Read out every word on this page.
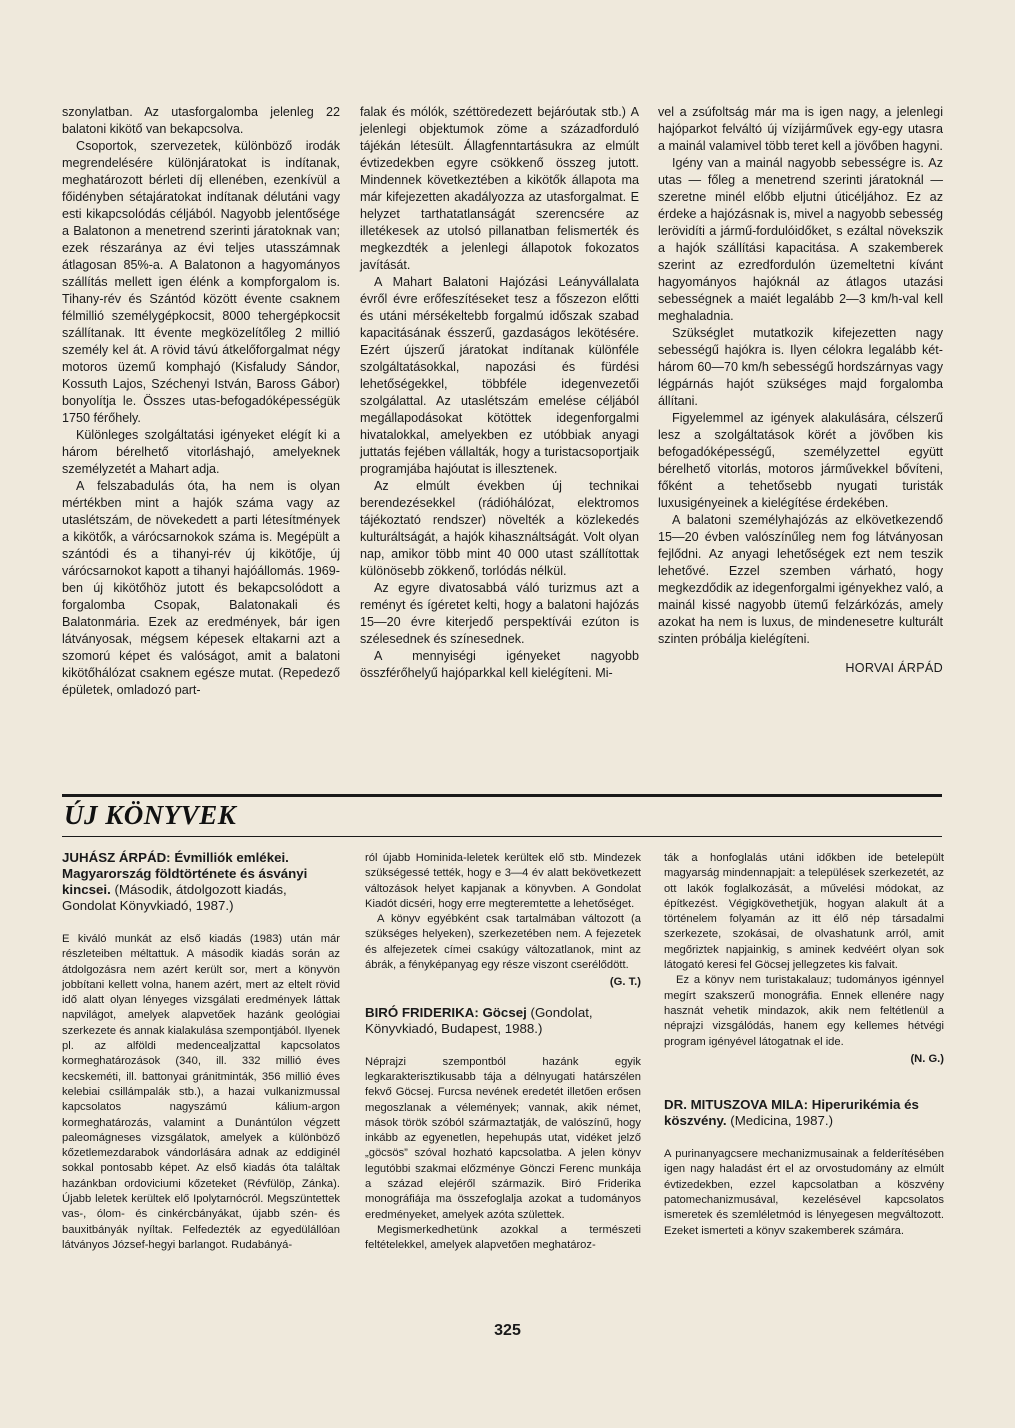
szonylatban. Az utasforgalomba jelenleg 22 balatoni kikötő van bekapcsolva.

Csoportok, szervezetek, különböző irodák megrendelésére különjáratokat is indítanak, meghatározott bérleti díj ellenében, ezenkívül a főidényben sétajáratokat indítanak délutáni vagy esti kikapcsolódás céljából. Nagyobb jelentősége a Balatonon a menetrend szerinti járatoknak van; ezek részaránya az évi teljes utasszámnak átlagosan 85%-a. A Balatonon a hagyományos szállítás mellett igen élénk a kompforgalom is. Tihany-rév és Szántód között évente csaknem félmillió személygépkocsit, 8000 tehergépkocsit szállítanak. Itt évente megközelítőleg 2 millió személy kel át. A rövid távú átkelőforgalmat négy motoros üzemű komphajó (Kisfaludy Sándor, Kossuth Lajos, Széchenyi István, Baross Gábor) bonyolítja le. Összes utas-befogadóképességük 1750 férőhely.

Különleges szolgáltatási igényeket elégít ki a három bérelhető vitorláshajó, amelyeknek személyzetét a Mahart adja.

A felszabadulás óta, ha nem is olyan mértékben mint a hajók száma vagy az utaslétszám, de növekedett a parti létesítmények a kikötők, a várócsarnokok száma is. Megépült a szántódi és a tihanyi-rév új kikötője, új várócsarnokot kapott a tihanyi hajóállomás. 1969-ben új kikötőhöz jutott és bekapcsolódott a forgalomba Csopak, Balatonakali és Balatonmária. Ezek az eredmények, bár igen látványosak, mégsem képesek eltakarni azt a szomorú képet és valóságot, amit a balatoni kikötőhálózat csaknem egésze mutat. (Repedező épületek, omladozó part-

falak és mólók, széttöredezett bejáróutak stb.) A jelenlegi objektumok zöme a századforduló tájékán létesült. Állagfenntartásukra az elmúlt évtizedekben egyre csökkenő összeg jutott. Mindennek következtében a kikötők állapota ma már kifejezetten akadályozza az utasforgalmat. E helyzet tarthatatlanságát szerencsére az illetékesek az utolsó pillanatban felismerték és megkezdték a jelenlegi állapotok fokozatos javítását.

A Mahart Balatoni Hajózási Leányvállalata évről évre erőfeszítéseket tesz a főszezon előtti és utáni mérsékeltebb forgalmú időszak szabad kapacitásának ésszerű, gazdaságos lekötésére. Ezért újszerű járatokat indítanak különféle szolgáltatásokkal, napozási és fürdési lehetőségekkel, többféle idegenvezetői szolgálattal. Az utaslétszám emelése céljából megállapodásokat kötöttek idegenforgalmi hivatalokkal, amelyekben ez utóbbiak anyagi juttatás fejében vállalták, hogy a turistacsoportjaik programjába hajóutat is illesztenek.

Az elmúlt években új technikai berendezésekkel (rádióhálózat, elektromos tájékoztató rendszer) növelték a közlekedés kulturáltságát, a hajók kihasználtságát. Volt olyan nap, amikor több mint 40 000 utast szállítottak különösebb zökkenő, torlódás nélkül.

Az egyre divatosabbá váló turizmus azt a reményt és ígéretet kelti, hogy a balatoni hajózás 15—20 évre kiterjedő perspektívái ezúton is szélesednek és színesednek.

A mennyiségi igényeket nagyobb összférőhelyű hajóparkkal kell kielégíteni. Mi-

vel a zsúfoltság már ma is igen nagy, a jelenlegi hajóparkot felváltó új vízijárművek egy-egy utasra a mainál valamivel több teret kell a jövőben hagyni.

Igény van a mainál nagyobb sebességre is. Az utas — főleg a menetrend szerinti járatoknál — szeretne minél előbb eljutni úticéljához. Ez az érdeke a hajózásnak is, mivel a nagyobb sebesség lerövidíti a jármű-fordulóidőket, s ezáltal növekszik a hajók szállítási kapacitása. A szakemberek szerint az ezredfordulón üzemeltetni kívánt hagyományos hajóknál az átlagos utazási sebességnek a maiét legalább 2—3 km/h-val kell meghaladnia.

Szükséglet mutatkozik kifejezetten nagy sebességű hajókra is. Ilyen célokra legalább két-három 60—70 km/h sebességű hordszárnyas vagy légpárnás hajót szükséges majd forgalomba állítani.

Figyelemmel az igények alakulására, célszerű lesz a szolgáltatások körét a jövőben kis befogadóképességű, személyzettel együtt bérelhető vitorlás, motoros járművekkel bővíteni, főként a tehetősebb nyugati turisták luxusigényeinek a kielégítése érdekében.

A balatoni személyhajózás az elkövetkezendő 15—20 évben valószínűleg nem fog látványosan fejlődni. Az anyagi lehetőségek ezt nem teszik lehetővé. Ezzel szemben várható, hogy megkezdődik az idegenforgalmi igényekhez való, a mainál kissé nagyobb ütemű felzárkózás, amely azokat ha nem is luxus, de mindenesetre kulturált szinten próbálja kielégíteni.

HORVAI ÁRPÁD

ÚJ KÖNYVEK

JUHÁSZ ÁRPÁD: Évmilliók emlékei. Magyarország földtörténete és ásványi kincsei. (Második, átdolgozott kiadás, Gondolat Könyvkiadó, 1987.)

E kiváló munkát az első kiadás (1983) után már részleteiben méltattuk. A második kiadás során az átdolgozásra nem azért került sor, mert a könyvön jobbítani kellett volna, hanem azért, mert az eltelt rövid idő alatt olyan lényeges vizsgálati eredmények láttak napvilágot, amelyek alapvetőek hazánk geológiai szerkezete és annak kialakulása szempontjából. Ilyenek pl. az alföldi medencealjzattal kapcsolatos kormeghatározások (340, ill. 332 millió éves kecskeméti, ill. battonyai gránitminták, 356 millió éves kelebiai csillámpalák stb.), a hazai vulkanizmussal kapcsolatos nagyszámú kálium-argon kormeghatározás, valamint a Dunántúlon végzett paleomágneses vizsgálatok, amelyek a különböző kőzetlemezdarabok vándorlására adnak az eddiginél sokkal pontosabb képet. Az első kiadás óta találtak hazánkban ordoviciumi kőzeteket (Révfülöp, Zánka). Újabb leletek kerültek elő Ipolytarnócról. Megszüntettek vas-, ólom- és cinkércbányákat, újabb szén- és bauxitbányák nyíltak. Felfedezték az egyedülállóan látványos József-hegyi barlangot. Rudabányá-

ról újabb Hominida-leletek kerültek elő stb. Mindezek szükségessé tették, hogy e 3—4 év alatt bekövetkezett változások helyet kapjanak a könyvben. A Gondolat Kiadót dicséri, hogy erre megteremtette a lehetőséget.

A könyv egyébként csak tartalmában változott (a szükséges helyeken), szerkezetében nem. A fejezetek és alfejezetek címei csakúgy változatlanok, mint az ábrák, a fényképanyag egy része viszont cserélődött.

(G. T.)

BIRÓ FRIDERIKA: Göcsej (Gondolat, Könyvkiadó, Budapest, 1988.)

Néprajzi szempontból hazánk egyik legkarakterisztikusabb tája a délnyugati határszélen fekvő Göcsej. Furcsa nevének eredetét illetően erősen megoszlanak a vélemények; vannak, akik német, mások török szóból származtatják, de valószínű, hogy inkább az egyenetlen, hepehupás utat, vidéket jelző „göcsös” szóval hozható kapcsolatba. A jelen könyv legutóbbi szakmai előzménye Gönczi Ferenc munkája a század elejéről származik. Biró Friderika monográfiája ma összefoglalja azokat a tudományos eredményeket, amelyek azóta születtek.

Megismerkedhetünk azokkal a természeti feltételekkel, amelyek alapvetően meghatároz-

ták a honfoglalás utáni időkben ide betelepült magyarság mindennapjait: a települések szerkezetét, az ott lakók foglalkozását, a művelési módokat, az építkezést. Végigkövethetjük, hogyan alakult át a történelem folyamán az itt élő nép társadalmi szerkezete, szokásai, de olvashatunk arról, amit megőriztek napjainkig, s aminek kedvéért olyan sok látogató keresi fel Göcsej jellegzetes kis falvait.

Ez a könyv nem turistakalauz; tudományos igénnyel megírt szakszerű monográfia. Ennek ellenére nagy hasznát vehetik mindazok, akik nem feltétlenül a néprajzi vizsgálódás, hanem egy kellemes hétvégi program igényével látogatnak el ide.

(N. G.)

DR. MITUSZOVA MILA: Hiperurikémia és köszvény. (Medicina, 1987.)

A purinanyagcsere mechanizmusainak a felderítésében igen nagy haladást ért el az orvostudomány az elmúlt évtizedekben, ezzel kapcsolatban a köszvény patomechanizmusával, kezelésével kapcsolatos ismeretek és szemléletmód is lényegesen megváltozott. Ezeket ismerteti a könyv szakemberek számára.

325
